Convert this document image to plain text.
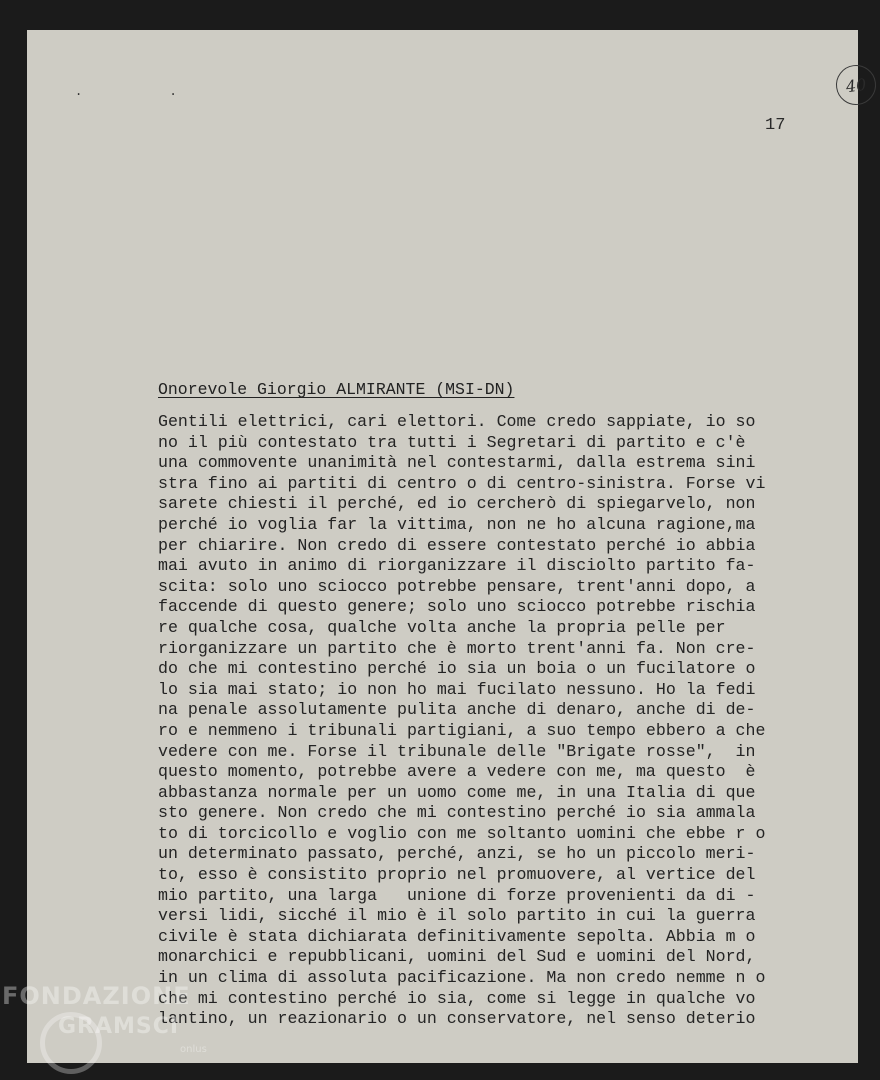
. .	40
17
Onorevole Giorgio ALMIRANTE (MSI-DN)
Gentili elettrici, cari elettori. Come credo sappiate, io so
no il più contestato tra tutti i Segretari di partito e c'è
una commovente unanimità nel contestarmi, dalla estrema sini
stra fino ai partiti di centro o di centro-sinistra. Forse vi
sarete chiesti il perché, ed io cercherò di spiegarvelo, non
perché io voglia far la vittima, non ne ho alcuna ragione,ma
per chiarire. Non credo di essere contestato perché io abbia
mai avuto in animo di riorganizzare il disciolto partito fa-
scita: solo uno sciocco potrebbe pensare, trent'anni dopo, a
faccende di questo genere; solo uno sciocco potrebbe rischia
re qualche cosa, qualche volta anche la propria pelle per
riorganizzare un partito che è morto trent'anni fa. Non cre-
do che mi contestino perché io sia un boia o un fucilatore o
lo sia mai stato; io non ho mai fucilato nessuno. Ho la fedi
na penale assolutamente pulita anche di denaro, anche di de-
ro e nemmeno i tribunali partigiani, a suo tempo ebbero a che
vedere con me. Forse il tribunale delle "Brigate rosse",  in
questo momento, potrebbe avere a vedere con me, ma questo  è
abbastanza normale per un uomo come me, in una Italia di que
sto genere. Non credo che mi contestino perché io sia ammala
to di torcicollo e voglio con me soltanto uomini che ebbe r o
un determinato passato, perché, anzi, se ho un piccolo meri-
to, esso è consistito proprio nel promuovere, al vertice del
mio partito, una larga   unione di forze provenienti da di -
versi lidi, sicché il mio è il solo partito in cui la guerra
civile è stata dichiarata definitivamente sepolta. Abbia m o
monarchici e repubblicani, uomini del Sud e uomini del Nord,
in un clima di assoluta pacificazione. Ma non credo nemme n o
che mi contestino perché io sia, come si legge in qualche vo
lantino, un reazionario o un conservatore, nel senso deterio
FONDAZIONE
GRAMSCI
onlus
